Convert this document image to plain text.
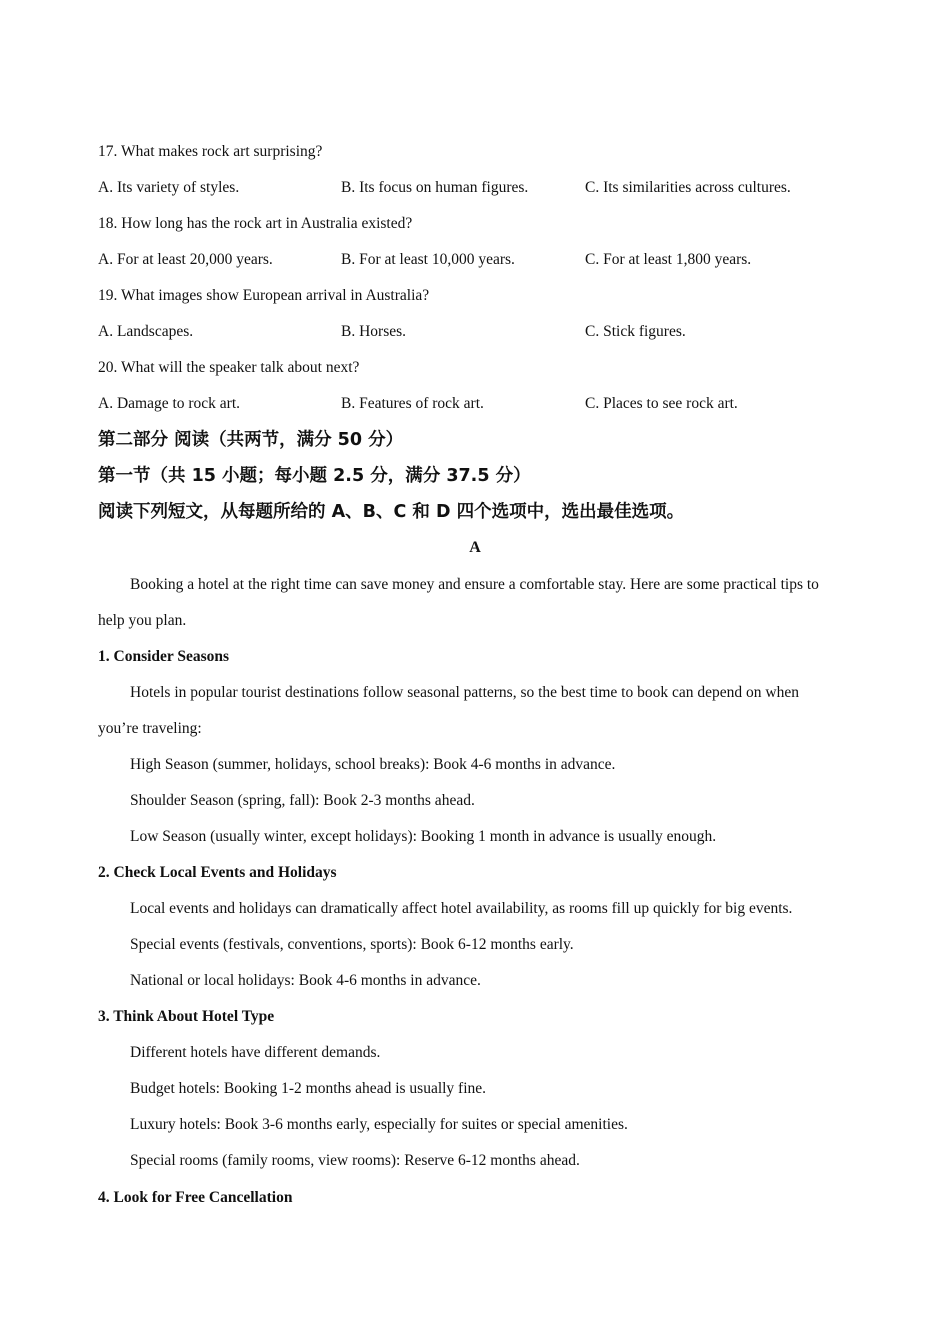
17. What makes rock art surprising?
A. Its variety of styles.	B. Its focus on human figures.	C. Its similarities across cultures.
18. How long has the rock art in Australia existed?
A. For at least 20,000 years.	B. For at least 10,000 years.	C. For at least 1,800 years.
19. What images show European arrival in Australia?
A. Landscapes.	B. Horses.	C. Stick figures.
20. What will the speaker talk about next?
A. Damage to rock art.	B. Features of rock art.	C. Places to see rock art.
第二部分 阅读（共两节，满分 50 分）
第一节（共 15 小题；每小题 2.5 分，满分 37.5 分）
阅读下列短文，从每题所给的 A、B、C 和 D 四个选项中，选出最佳选项。
A
Booking a hotel at the right time can save money and ensure a comfortable stay. Here are some practical tips to
help you plan.
1. Consider Seasons
Hotels in popular tourist destinations follow seasonal patterns, so the best time to book can depend on when
you’re traveling:
High Season (summer, holidays, school breaks): Book 4-6 months in advance.
Shoulder Season (spring, fall): Book 2-3 months ahead.
Low Season (usually winter, except holidays): Booking 1 month in advance is usually enough.
2. Check Local Events and Holidays
Local events and holidays can dramatically affect hotel availability, as rooms fill up quickly for big events.
Special events (festivals, conventions, sports): Book 6-12 months early.
National or local holidays: Book 4-6 months in advance.
3. Think About Hotel Type
Different hotels have different demands.
Budget hotels: Booking 1-2 months ahead is usually fine.
Luxury hotels: Book 3-6 months early, especially for suites or special amenities.
Special rooms (family rooms, view rooms): Reserve 6-12 months ahead.
4. Look for Free Cancellation
